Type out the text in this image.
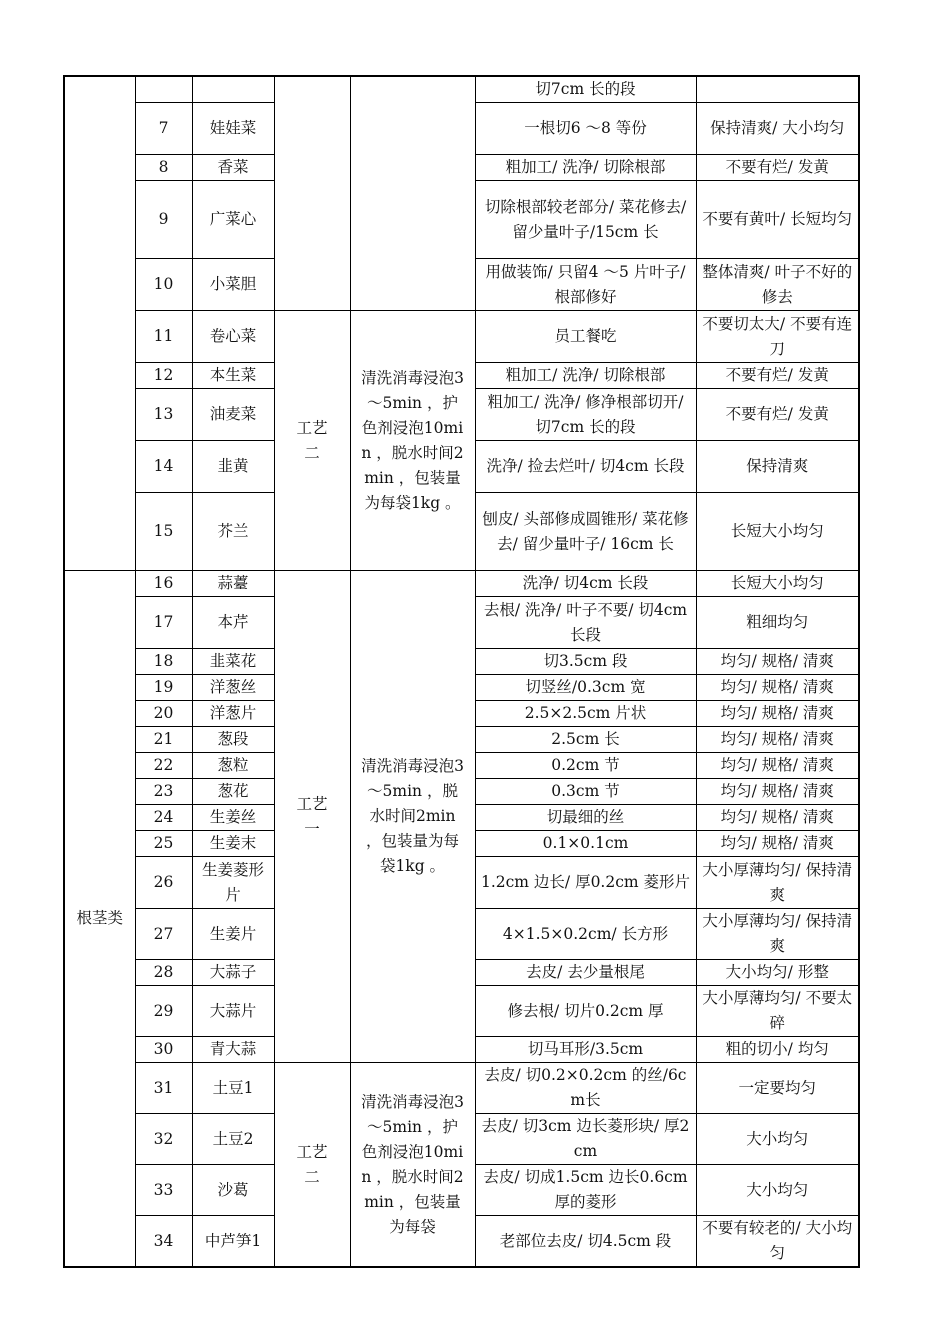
					切7cm 长的段	
	7	娃娃菜			一根切6 ～8 等份	保持清爽/ 大小均匀
	8	香菜			粗加工/ 洗净/ 切除根部	不要有烂/ 发黄
	9	广菜心			切除根部较老部分/ 菜花修去/ 留少量叶子/15cm 长	不要有黄叶/ 长短均匀
	10	小菜胆			用做装饰/ 只留4 ～5 片叶子/ 根部修好	整体清爽/ 叶子不好的修去
	11	卷心菜	工艺二	清洗消毒浸泡3 ～5min ，护色剂浸泡10min ，脱水时间2min ，包装量为每袋1kg 。	员工餐吃	不要切太大/ 不要有连刀
	12	本生菜			粗加工/ 洗净/ 切除根部	不要有烂/ 发黄
	13	油麦菜			粗加工/ 洗净/ 修净根部切开/ 切7cm 长的段	不要有烂/ 发黄
	14	韭黄			洗净/ 捡去烂叶/ 切4cm 长段	保持清爽
	15	芥兰			刨皮/ 头部修成圆锥形/ 菜花修去/ 留少量叶子/ 16cm 长	长短大小均匀
根茎类	16	蒜薹	工艺一	清洗消毒浸泡3 ～5min ，脱水时间2min ，包装量为每袋1kg 。	洗净/ 切4cm 长段	长短大小均匀
	17	本芹			去根/ 洗净/ 叶子不要/ 切4cm 长段	粗细均匀
	18	韭菜花			切3.5cm 段	均匀/ 规格/ 清爽
	19	洋葱丝			切竖丝/0.3cm 宽	均匀/ 规格/ 清爽
	20	洋葱片			2.5×2.5cm 片状	均匀/ 规格/ 清爽
	21	葱段			2.5cm 长	均匀/ 规格/ 清爽
	22	葱粒			0.2cm 节	均匀/ 规格/ 清爽
	23	葱花			0.3cm 节	均匀/ 规格/ 清爽
	24	生姜丝			切最细的丝	均匀/ 规格/ 清爽
	25	生姜末			0.1×0.1cm	均匀/ 规格/ 清爽
	26	生姜菱形片			1.2cm 边长/ 厚0.2cm 菱形片	大小厚薄均匀/ 保持清爽
	27	生姜片			4×1.5×0.2cm/ 长方形	大小厚薄均匀/ 保持清爽
	28	大蒜子			去皮/ 去少量根尾	大小均匀/ 形整
	29	大蒜片			修去根/ 切片0.2cm 厚	大小厚薄均匀/ 不要太碎
	30	青大蒜			切马耳形/3.5cm	粗的切小/ 均匀
	31	土豆1	工艺二	清洗消毒浸泡3 ～5min ，护色剂浸泡10min ，脱水时间2min ，包装量为每袋	去皮/ 切0.2×0.2cm 的丝/6cm长	一定要均匀
	32	土豆2			去皮/ 切3cm 边长菱形块/ 厚2cm	大小均匀
	33	沙葛			去皮/ 切成1.5cm 边长0.6cm 厚的菱形	大小均匀
	34	中芦笋1			老部位去皮/ 切4.5cm 段	不要有较老的/ 大小均匀
